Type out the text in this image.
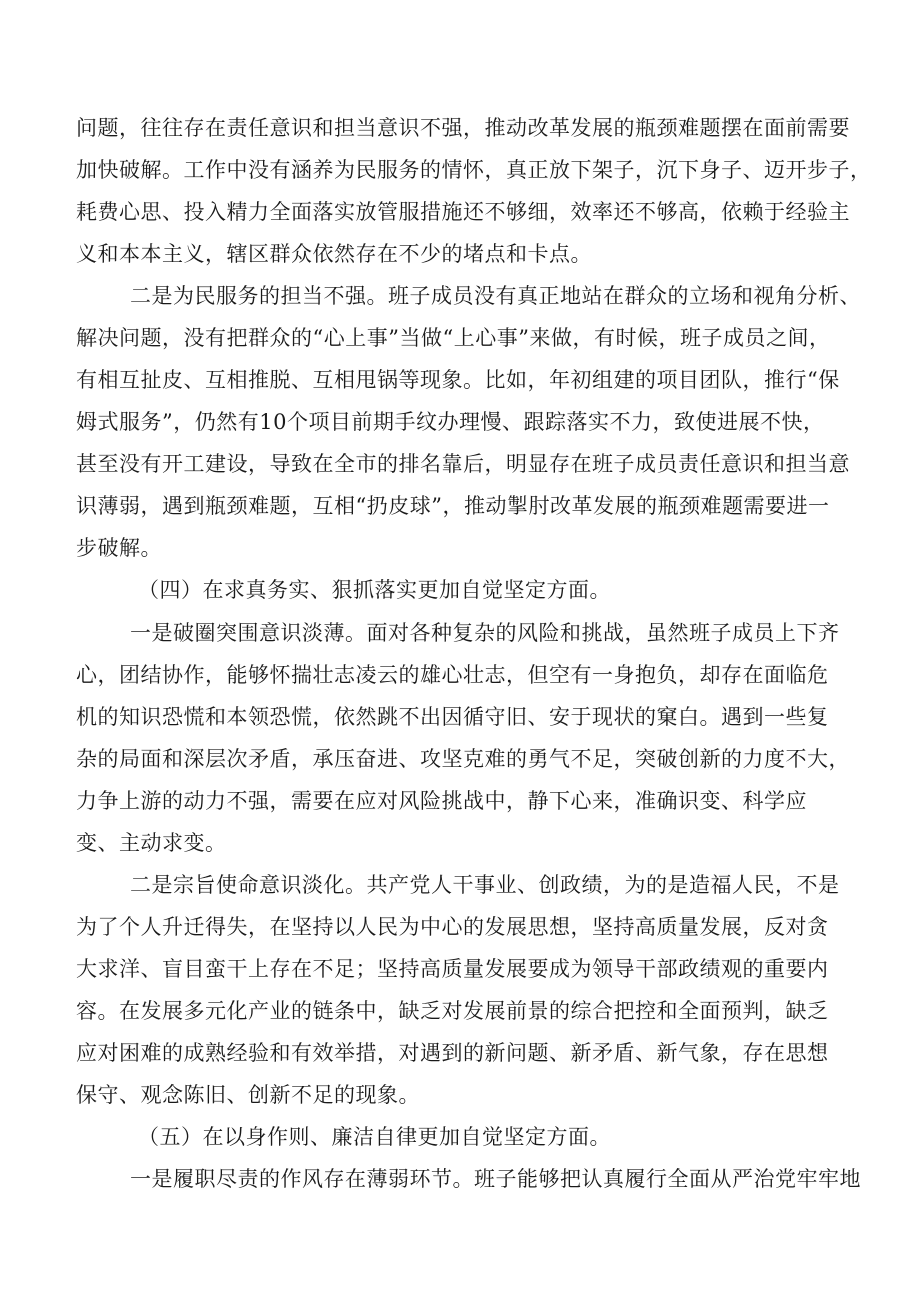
问题，往往存在责任意识和担当意识不强，推动改革发展的瓶颈难题摆在面前需要
加快破解。工作中没有涵养为民服务的情怀，真正放下架子，沉下身子、迈开步子，
耗费心思、投入精力全面落实放管服措施还不够细，效率还不够高，依赖于经验主
义和本本主义，辖区群众依然存在不少的堵点和卡点。
二是为民服务的担当不强。班子成员没有真正地站在群众的立场和视角分析、
解决问题，没有把群众的“心上事”当做“上心事”来做，有时候，班子成员之间，
有相互扯皮、互相推脱、互相甩锅等现象。比如，年初组建的项目团队，推行“保
姆式服务”，仍然有10个项目前期手纹办理慢、跟踪落实不力，致使进展不快，
甚至没有开工建设，导致在全市的排名靠后，明显存在班子成员责任意识和担当意
识薄弱，遇到瓶颈难题，互相“扔皮球”，推动掣肘改革发展的瓶颈难题需要进一
步破解。
（四）在求真务实、狠抓落实更加自觉坚定方面。
一是破圈突围意识淡薄。面对各种复杂的风险和挑战，虽然班子成员上下齐
心，团结协作，能够怀揣壮志凌云的雄心壮志，但空有一身抱负，却存在面临危
机的知识恐慌和本领恐慌，依然跳不出因循守旧、安于现状的窠白。遇到一些复
杂的局面和深层次矛盾，承压奋进、攻坚克难的勇气不足，突破创新的力度不大，
力争上游的动力不强，需要在应对风险挑战中，静下心来，准确识变、科学应
变、主动求变。
二是宗旨使命意识淡化。共产党人干事业、创政绩，为的是造福人民，不是
为了个人升迁得失，在坚持以人民为中心的发展思想，坚持高质量发展，反对贪
大求洋、盲目蛮干上存在不足；坚持高质量发展要成为领导干部政绩观的重要内
容。在发展多元化产业的链条中，缺乏对发展前景的综合把控和全面预判，缺乏
应对困难的成熟经验和有效举措，对遇到的新问题、新矛盾、新气象，存在思想
保守、观念陈旧、创新不足的现象。
（五）在以身作则、廉洁自律更加自觉坚定方面。
一是履职尽责的作风存在薄弱环节。班子能够把认真履行全面从严治党牢牢地
